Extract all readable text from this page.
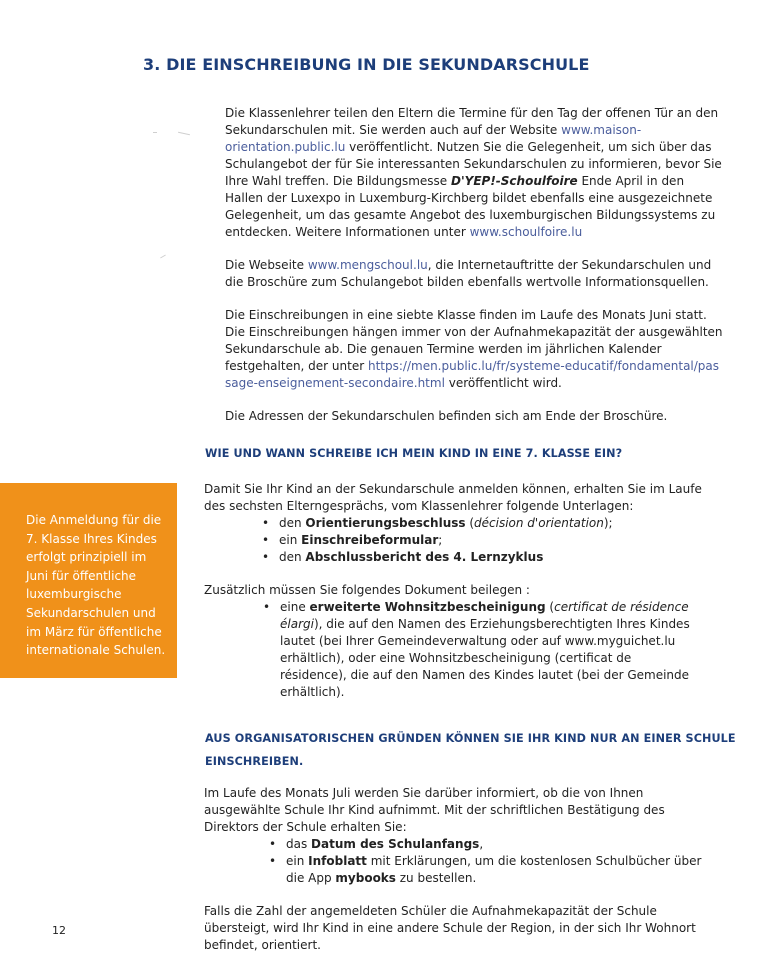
3. DIE EINSCHREIBUNG IN DIE SEKUNDARSCHULE

Die Klassenlehrer teilen den Eltern die Termine für den Tag der offenen Tür an den Sekundarschulen mit. Sie werden auch auf der Website www.maison-orientation.public.lu veröffentlicht. Nutzen Sie die Gelegenheit, um sich über das Schulangebot der für Sie interessanten Sekundarschulen zu informieren, bevor Sie Ihre Wahl treffen. Die Bildungsmesse D'YEP!-Schoulfoire Ende April in den Hallen der Luxexpo in Luxemburg-Kirchberg bildet ebenfalls eine ausgezeichnete Gelegenheit, um das gesamte Angebot des luxemburgischen Bildungssystems zu entdecken. Weitere Informationen unter www.schoulfoire.lu

Die Webseite www.mengschoul.lu, die Internetauftritte der Sekundarschulen und die Broschüre zum Schulangebot bilden ebenfalls wertvolle Informationsquellen.

Die Einschreibungen in eine siebte Klasse finden im Laufe des Monats Juni statt. Die Einschreibungen hängen immer von der Aufnahmekapazität der ausgewählten Sekundarschule ab. Die genauen Termine werden im jährlichen Kalender festgehalten, der unter https://men.public.lu/fr/systeme-educatif/fondamental/passage-enseignement-secondaire.html veröffentlicht wird.

Die Adressen der Sekundarschulen befinden sich am Ende der Broschüre.

WIE UND WANN SCHREIBE ICH MEIN KIND IN EINE 7. KLASSE EIN?

Damit Sie Ihr Kind an der Sekundarschule anmelden können, erhalten Sie im Laufe des sechsten Elterngesprächs, vom Klassenlehrer folgende Unterlagen:

• den Orientierungsbeschluss (décision d'orientation);
• ein Einschreibeformular;
• den Abschlussbericht des 4. Lernzyklus

Zusätzlich müssen Sie folgendes Dokument beilegen :

• eine erweiterte Wohnsitzbescheinigung (certificat de résidence élargi), die auf den Namen des Erziehungsberechtigten Ihres Kindes lautet (bei Ihrer Gemeindeverwaltung oder auf www.myguichet.lu erhältlich), oder eine Wohnsitzbescheinigung (certificat de résidence), die auf den Namen des Kindes lautet (bei der Gemeinde erhältlich).
Die Anmeldung für die 7. Klasse Ihres Kindes erfolgt prinzipiell im Juni für öffentliche luxemburgische Sekundarschulen und im März für öffentliche internationale Schulen.
AUS ORGANISATORISCHEN GRÜNDEN KÖNNEN SIE IHR KIND NUR AN EINER SCHULE
EINSCHREIBEN.

Im Laufe des Monats Juli werden Sie darüber informiert, ob die von Ihnen ausgewählte Schule Ihr Kind aufnimmt. Mit der schriftlichen Bestätigung des Direktors der Schule erhalten Sie:

• das Datum des Schulanfangs,
• ein Infoblatt mit Erklärungen, um die kostenlosen Schulbücher über die App mybooks zu bestellen.

Falls die Zahl der angemeldeten Schüler die Aufnahmekapazität der Schule übersteigt, wird Ihr Kind in eine andere Schule der Region, in der sich Ihr Wohnort befindet, orientiert.

12
